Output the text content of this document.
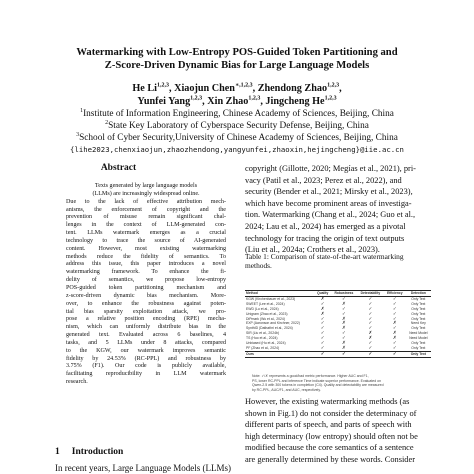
Watermarking with Low-Entropy POS-Guided Token Partitioning and
Z-Score-Driven Dynamic Bias for Large Language Models
He Li$^{1,2,3}$, Xiaojun Chen$^{∗,1,2,3}$, Zhendong Zhao$^{1,2,3}$,
Yunfei Yang$^{1,2,3}$, Xin Zhao$^{1,2,3}$, Jingcheng He$^{1,2,3}$
$^1$Institute of Information Engineering, Chinese Academy of Sciences, Beijing, China
$^2$State Key Laboratory of Cyberspace Security Defense, Beijing, China
$^3$School of Cyber Security,University of Chinese Academy of Sciences, Beijing, China
{lihe2023,chenxiaojun,zhaozhendong,yangyunfei,zhaoxin,hejingcheng}@iie.ac.cn
Abstract
Texts generated by large language models
(LLMs) are increasingly widespread online.
Due to the lack of effective attribution mech-
anisms, the enforcement of copyright and the
prevention of misuse remain significant chal-
lenges in the context of LLM-generated con-
tent. LLMs watermark emerges as a crucial
technology to trace the source of AI-generated
content. However, most existing watermarking
methods reduce the fidelity of semantics. To
address this issue, this paper introduces a novel
watermarking framework. To enhance the fi-
delity of semantics, we propose low-entropy
POS-guided token partitioning mechanism and
z-score-driven dynamic bias mechanism. More-
over, to enhance the robustness against poten-
tial bias sparsity exploitation attack, we pro-
pose a relative position encoding (RPE) mecha-
nism, which can uniformly distribute bias in the
generated text. Evaluated across 6 baselines, 4
tasks, and 5 LLMs under 8 attacks, compared
to the KGW, our watermark improves semantic
fidelity by 24.53% (RC-PPL) and robustness by
3.75% (F1). Our code is publicly available,
facilitating reproducibility in LLM watermark
research.
1 Introduction
In recent years, Large Language Models (LLMs)
copyright (Gillotte, 2020; Megías et al., 2021), pri-
vacy (Patil et al., 2023; Perez et al., 2022), and
security (Bender et al., 2021; Mirsky et al., 2023),
which have become prominent areas of investiga-
tion. Watermarking (Chang et al., 2024; Guo et al.,
2024; Lau et al., 2024) has emerged as a pivotal
technology for tracing the origin of text outputs
(Liu et al., 2024a; Crothers et al., 2023).
Table 1: Comparison of state-of-the-art watermarking
methods.
Method	Quality	Robustness	Detectability	Efficiency	Detection
KGW (Kirchenbauer et al., 2023)	✗	✓	✓	✓	Only Text
SWEET (Lee et al., 2024)	✓	✗	✓	✓	Only Text
EWD (Lu et al., 2024)	✗	✓	✓	✓	Only Text
Unigram (Zhao et al., 2023)	✗	✓	✓	✓	Only Text
DiPmark (Wu et al., 2024)	✓	✗	✓	✓	Only Text
EXP (Aaronson and Kirchner, 2022)	✓	✗	✓	✗	Need Key
SynthID (Dathathri et al., 2024)	✓	✗	✓	✓	Only Text
SIR (Liu et al., 2024b)	✓	✓	✗	✗	Need Model
TS (Huo et al., 2024)	✓	✓	✗	✗	Need Model
Unbiased (Hu et al., 2024)	✓	✗	✓	✓	Only Text
PF (Zhao et al., 2024)	✓	✗	✓	✓	Only Text
Ours	✓	✓	✓	✓	Only Text
Note: ✓/✗ represents a good/bad metric performance. Higher AUC and F1,
PS, lower RC-PPL and inference Time indicate superior performance. Evaluated on
Qwen-2.5 with 300 tokens in completion (C4). Quality and detectability are measured
by RC-PPL, AUC/F1, and AUC, respectively.
However, the existing watermarking methods (as
shown in Fig.1) do not consider the determinacy of
different parts of speech, and parts of speech with
high determinacy (low entropy) should often not be
modified because the core semantics of a sentence
are generally determined by these words. Consider
